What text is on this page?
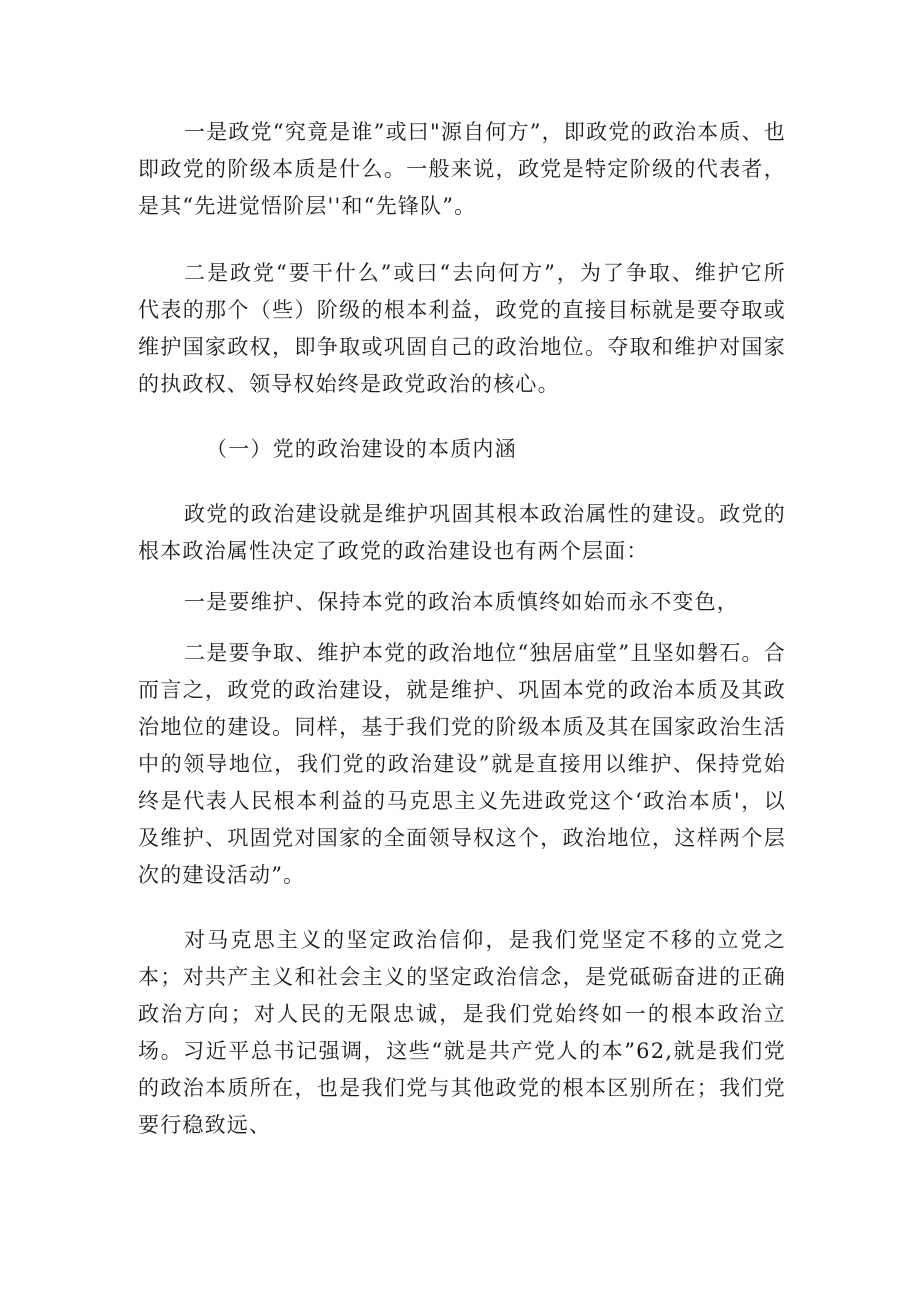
一是政党“究竟是谁”或曰"源自何方”，即政党的政治本质、也即政党的阶级本质是什么。一般来说，政党是特定阶级的代表者，是其“先进觉悟阶层''和“先锋队”。

二是政党“要干什么”或曰“去向何方”，为了争取、维护它所代表的那个（些）阶级的根本利益，政党的直接目标就是要夺取或维护国家政权，即争取或巩固自己的政治地位。夺取和维护对国家的执政权、领导权始终是政党政治的核心。

（一）党的政治建设的本质内涵

政党的政治建设就是维护巩固其根本政治属性的建设。政党的根本政治属性决定了政党的政治建设也有两个层面：

一是要维护、保持本党的政治本质慎终如始而永不变色，

二是要争取、维护本党的政治地位“独居庙堂”且坚如磐石。合而言之，政党的政治建设，就是维护、巩固本党的政治本质及其政治地位的建设。同样，基于我们党的阶级本质及其在国家政治生活中的领导地位，我们党的政治建设”就是直接用以维护、保持党始终是代表人民根本利益的马克思主义先进政党这个‘政治本质'，以及维护、巩固党对国家的全面领导权这个，政治地位，这样两个层次的建设活动”。

对马克思主义的坚定政治信仰，是我们党坚定不移的立党之本；对共产主义和社会主义的坚定政治信念，是党砥砺奋进的正确政治方向；对人民的无限忠诚，是我们党始终如一的根本政治立场。习近平总书记强调，这些“就是共产党人的本”62,就是我们党的政治本质所在，也是我们党与其他政党的根本区别所在；我们党要行稳致远、
